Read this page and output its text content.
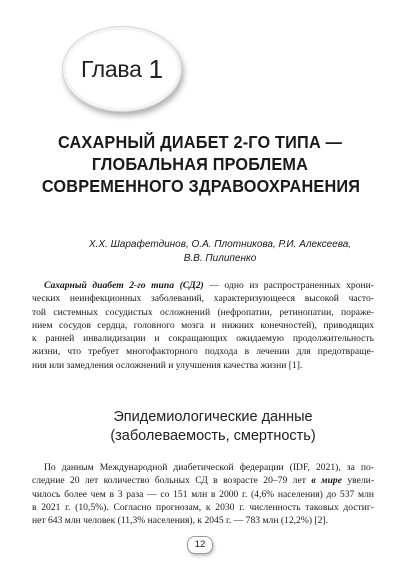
Глава 1
САХАРНЫЙ ДИАБЕТ 2-ГО ТИПА —
ГЛОБАЛЬНАЯ ПРОБЛЕМА
СОВРЕМЕННОГО ЗДРАВООХРАНЕНИЯ

Х.Х. Шарафетдинов, О.А. Плотникова, Р.И. Алексеева,
В.В. Пилипенко

Сахарный диабет 2-го типа (СД2) — одно из распространенных хрони-
ческих неинфекционных заболеваний, характеризующееся высокой часто-
той системных сосудистых осложнений (нефропатии, ретинопатии, пораже-
нием сосудов сердца, головного мозга и нижних конечностей), приводящих
к ранней инвалидизации и сокращающих ожидаемую продолжительность
жизни, что требует многофакторного подхода в лечении для предотвраще-
ния или замедления осложнений и улучшения качества жизни [1].

Эпидемиологические данные
(заболеваемость, смертность)

По данным Международной диабетической федерации (IDF, 2021), за по-
следние 20 лет количество больных СД в возрасте 20–79 лет в мире увели-
чилось более чем в 3 раза — со 151 млн в 2000 г. (4,6% населения) до 537 млн
в 2021 г. (10,5%). Согласно прогнозам, к 2030 г. численность таковых достиг-
нет 643 млн человек (11,3% населения), к 2045 г. — 783 млн (12,2%) [2].

12
